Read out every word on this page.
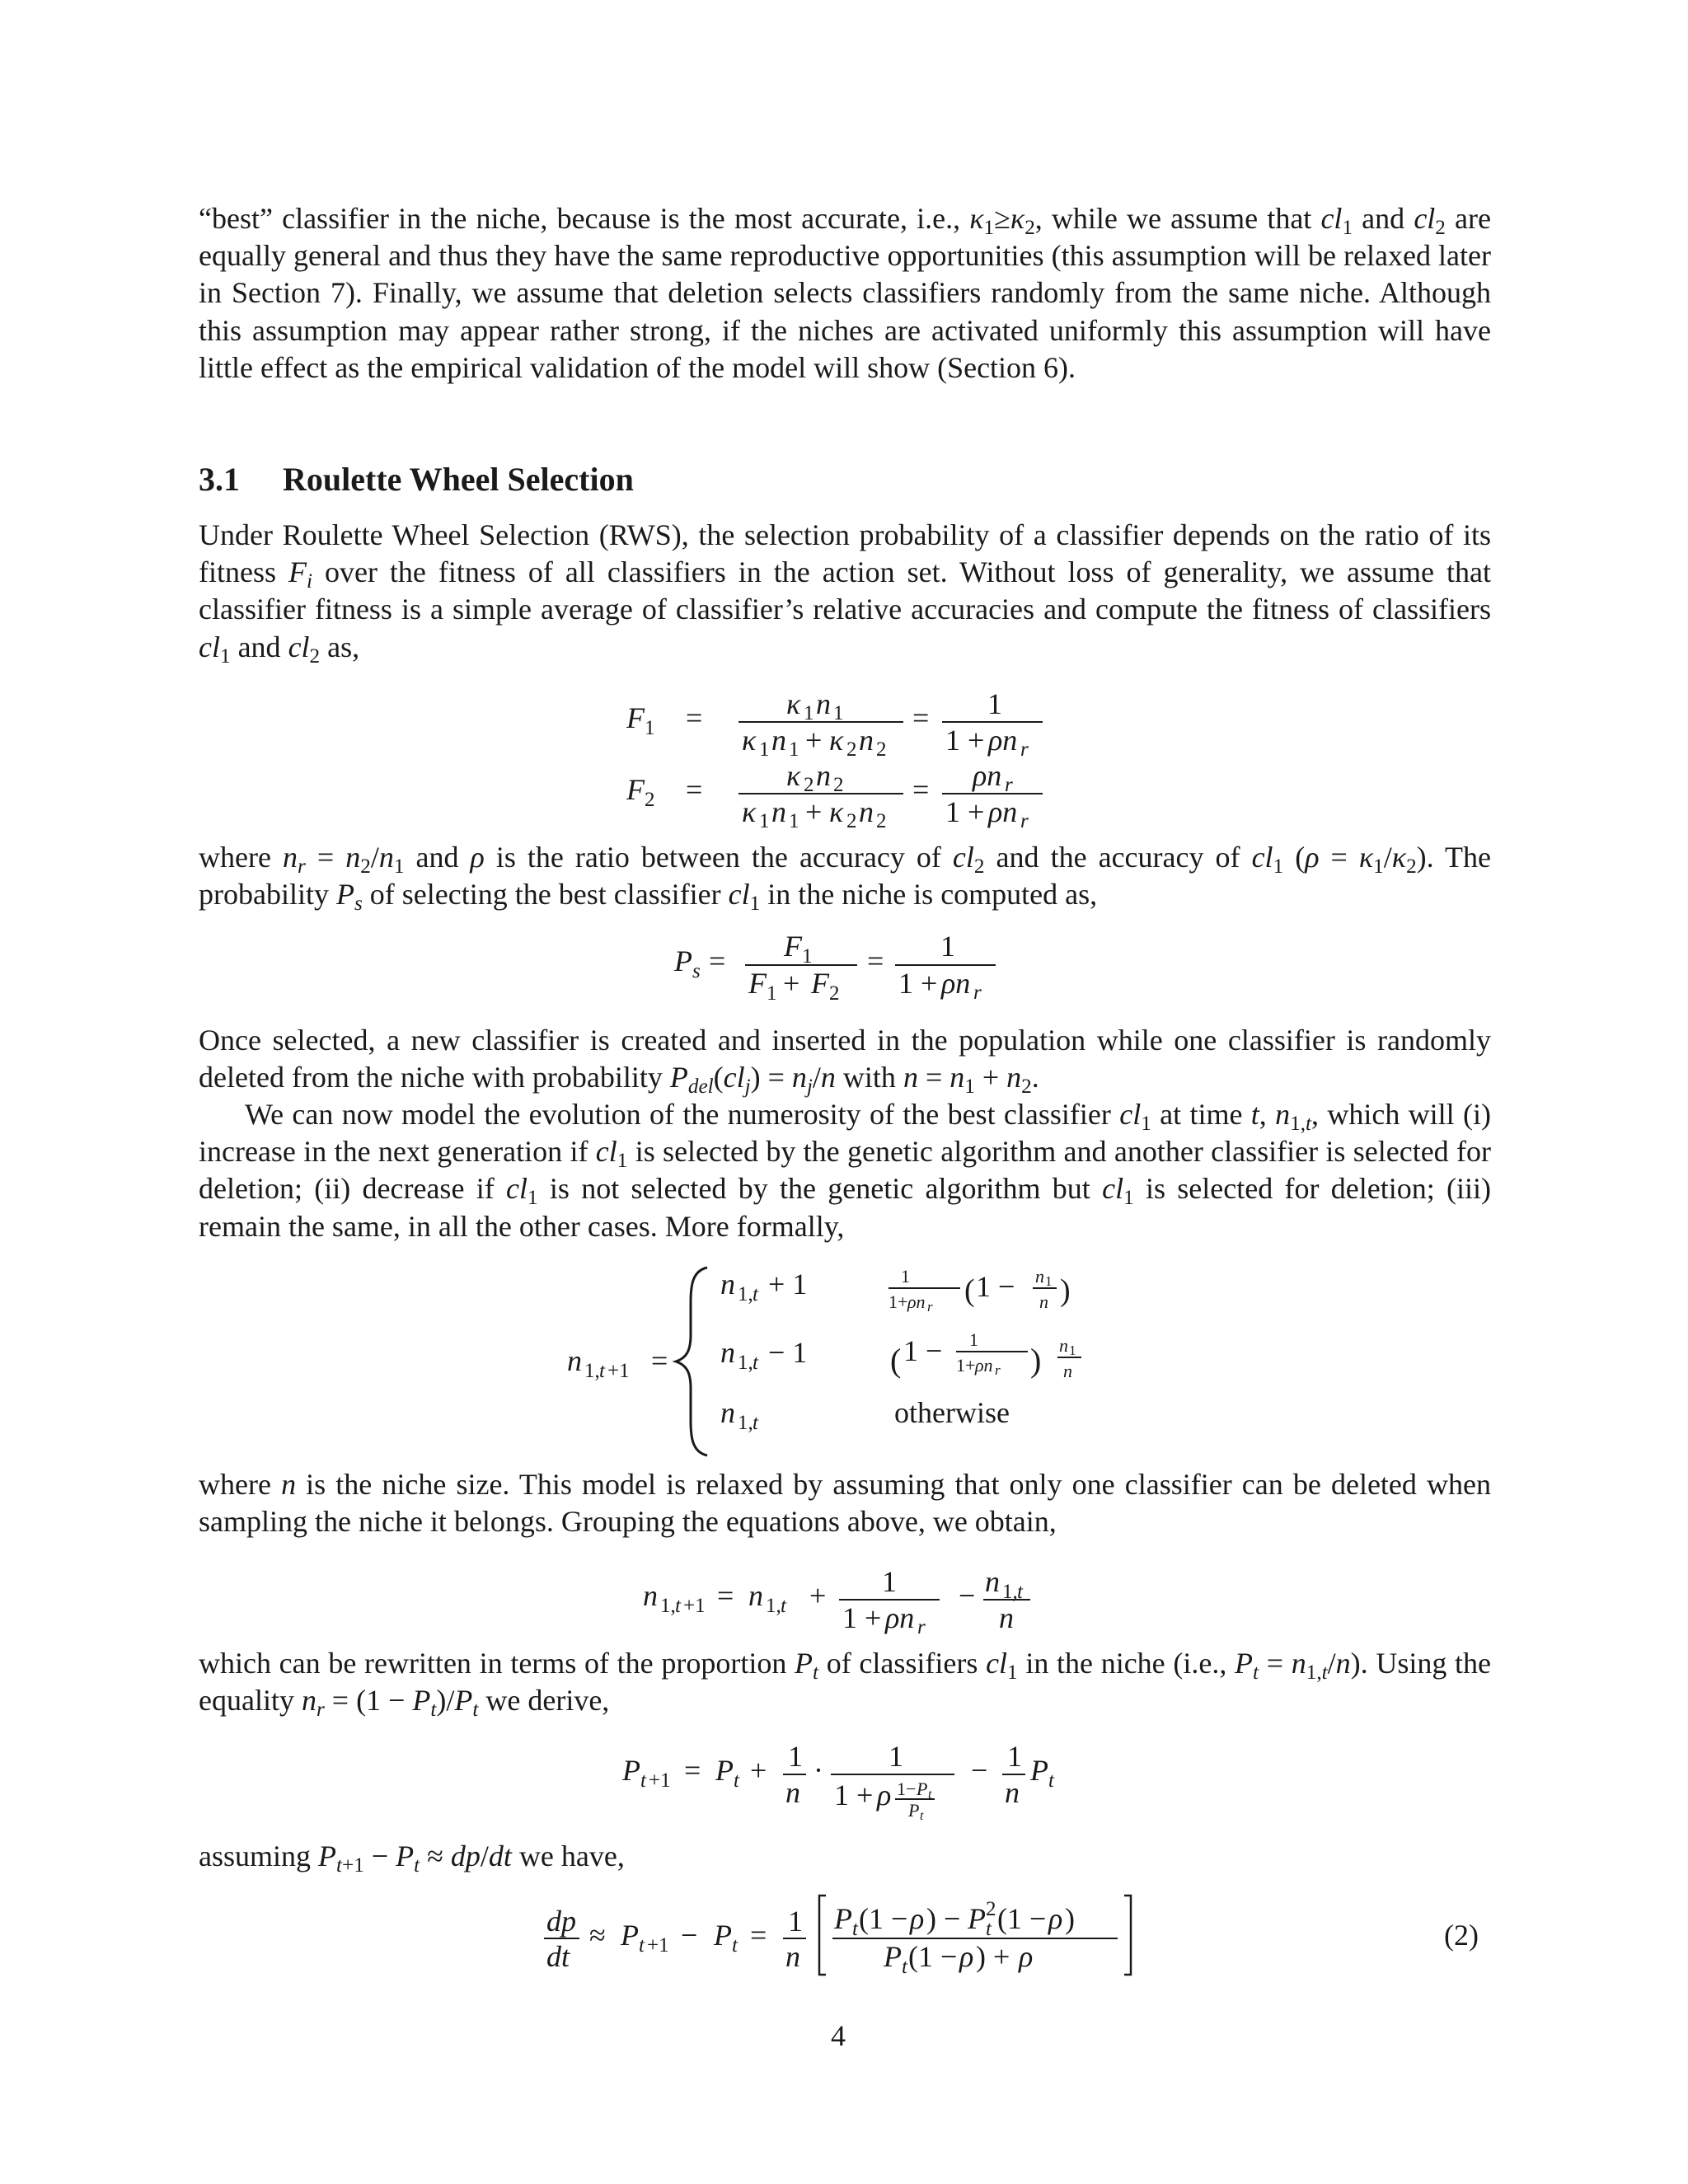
“best” classifier in the niche, because is the most accurate, i.e., $\kappa_1\ge\kappa_2$, while we assume that $cl_1$ and $cl_2$ are equally general and thus they have the same reproductive opportunities (this assumption will be relaxed later in Section 7). Finally, we assume that deletion selects classifiers randomly from the same niche. Although this assumption may appear rather strong, if the niches are activated uniformly this assumption will have little effect as the empirical validation of the model will show (Section 6).
3.1 Roulette Wheel Selection
Under Roulette Wheel Selection (RWS), the selection probability of a classifier depends on the ratio of its fitness $F_i$ over the fitness of all classifiers in the action set. Without loss of generality, we assume that classifier fitness is a simple average of classifier’s relative accuracies and compute the fitness of classifiers $cl_1$ and $cl_2$ as,
F 1 =	κ 1 n 1
κ 1 n 1 + κ 2 n 2
= 1
1 + ρn r
F 2 =	κ 2 n 2
κ 1 n 1 + κ 2 n 2
= ρn r
1 + ρn r
where $n_r = n_2/n_1$ and ρ is the ratio between the accuracy of $cl_2$ and the accuracy of $cl_1$ $(\rho = \kappa_1/\kappa_2)$. The probability $P_s$ of selecting the best classifier $cl_1$ in the niche is computed as,
P s = F 1
F 1 + F 2
= 1
1 + ρn r
Once selected, a new classifier is created and inserted in the population while one classifier is randomly deleted from the niche with probability $P_{del}(cl_j) = n_j/n$ with $n = n_1 + n_2$.
We can now model the evolution of the numerosity of the best classifier $cl_1$ at time t, $n_{1,t}$, which will (i) increase in the next generation if $cl_1$ is selected by the genetic algorithm and another classifier is selected for deletion; (ii) decrease if $cl_1$ is not selected by the genetic algorithm but $cl_1$ is selected for deletion; (iii) remain the same, in all the other cases. More formally,
n 1, t +1 =
n 1, t + 1	1
1+ ρn r ( 1 − n 1
n )
n 1, t − 1	( 1 − 1
1+ ρn r ) n 1
n
n 1, t	otherwise
where n is the niche size. This model is relaxed by assuming that only one classifier can be deleted when sampling the niche it belongs. Grouping the equations above, we obtain,
n 1, t +1 = n 1, t + 1
1 + ρn r
− n 1, t
n
which can be rewritten in terms of the proportion $P_t$ of classifiers $cl_1$ in the niche (i.e., $P_t = n_{1,t}/n$). Using the equality $n_r = (1 - P_t)/P_t$ we derive,
P t +1 = P t + 1
n
· 1
1 + ρ 1− P t
P t
− 1
n
P t
assuming $P_{t+1} - P_t \approx dp/dt$ we have,
dp
dt
≈ P t +1 − P t = 1
n
P t (1 − ρ ) − P 2
t (1 − ρ )
P t (1 − ρ ) + ρ
(2)
4
